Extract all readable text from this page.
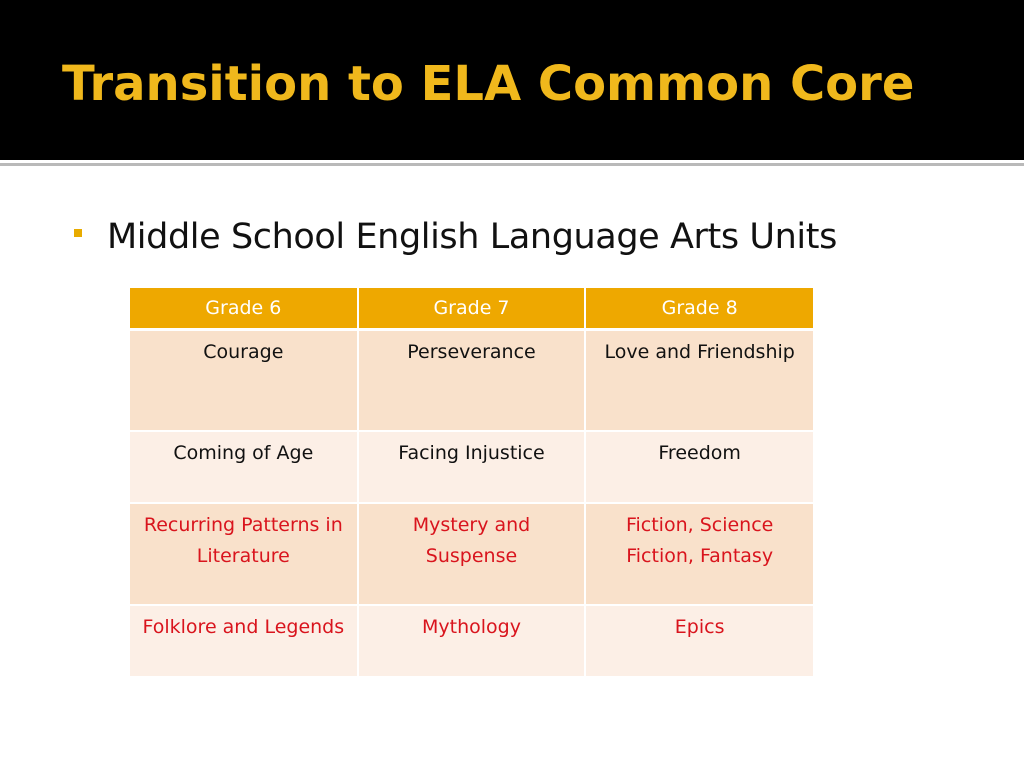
Transition to ELA Common Core
Middle School English Language Arts Units
Grade 6	Grade 7	Grade 8
Courage	Perseverance	Love and Friendship
Coming of Age	Facing Injustice	Freedom
Recurring Patterns in Literature	Mystery and Suspense	Fiction, Science Fiction, Fantasy
Folklore and Legends	Mythology	Epics
